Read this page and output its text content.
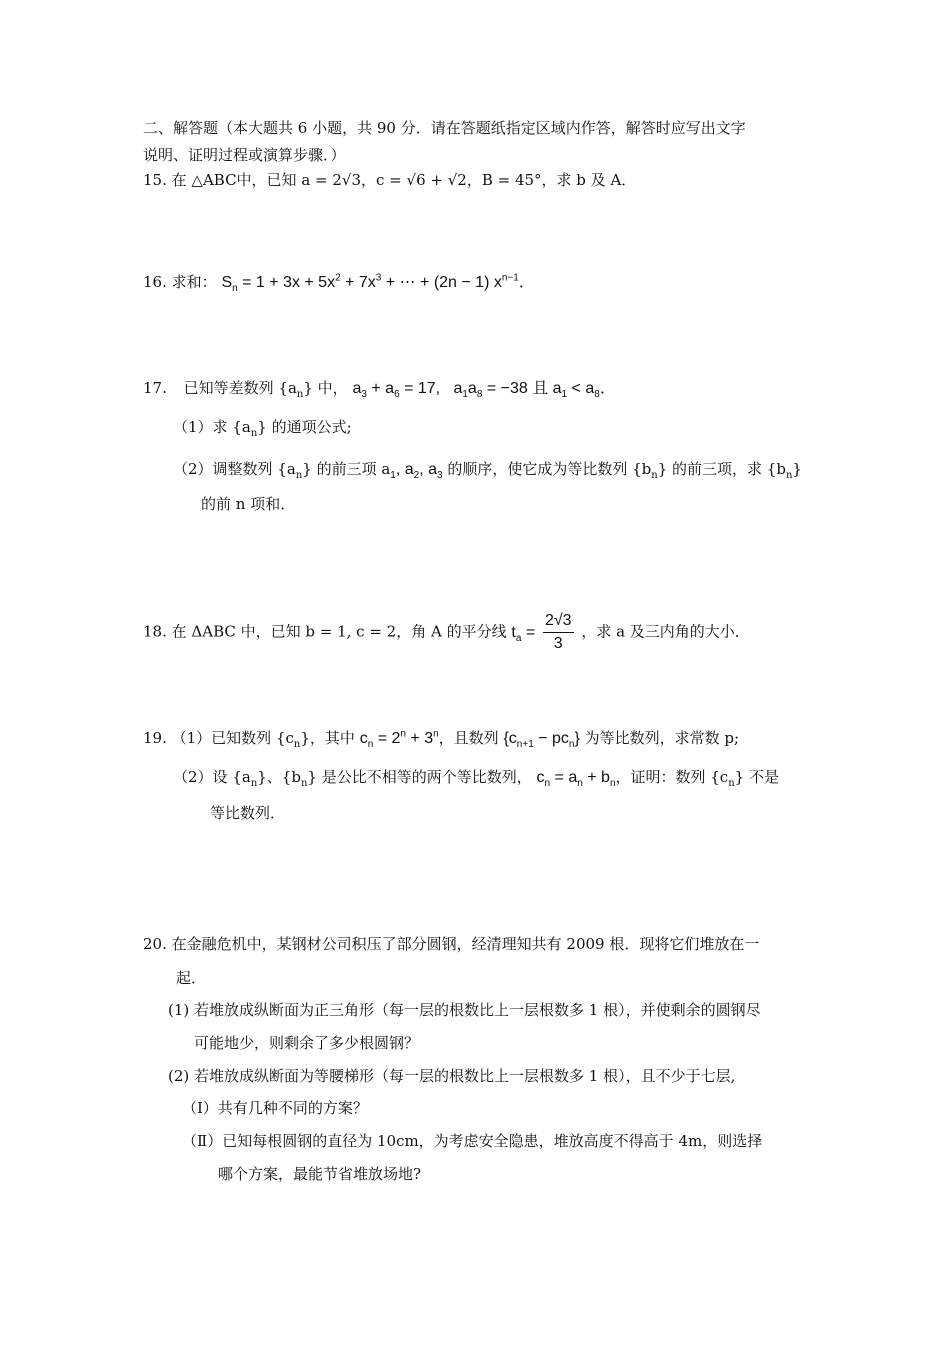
二、解答题（本大题共 6 小题，共 90 分．请在答题纸指定区域内作答，解答时应写出文字
说明、证明过程或演算步骤．）
15. 在 △ABC中，已知 a = 2√3，c = √6 + √2，B = 45°，求 b 及 A．
16. 求和： $S_n = 1 + 3x + 5x^2 + 7x^3$ + ⋯ + (2n − 1) $x^{n-1}$．
17. 已知等差数列 $\{a_n\}$ 中， $a_3 + a_6 = 17$,   $a_1a_8 = -38$ 且 $a_1 < a_8$．
（1）求 $\{a_n\}$ 的通项公式;
（2）调整数列 $\{a_n\}$ 的前三项 $a_1$, $a_2$, $a_3$ 的顺序，使它成为等比数列 $\{b_n\}$ 的前三项，求 $\{b_n\}$
的前 n 项和．
18. 在 ΔABC 中，已知 b = 1, c = 2，角 A 的平分线 $t_a = \frac{2√3}{3}$ ，求 a 及三内角的大小．
19. （1）已知数列 $\{c_n\}$，其中 $c_n = 2^n + 3^n$，且数列 $\{c_{n+1} - pc_n\}$ 为等比数列，求常数 p;
（2）设 $\{a_n\}$、$\{b_n\}$ 是公比不相等的两个等比数列， $c_n = a_n + b_n$，证明：数列 $\{c_n\}$ 不是
等比数列．
20. 在金融危机中，某钢材公司积压了部分圆钢，经清理知共有 2009 根．现将它们堆放在一
起．
(1) 若堆放成纵断面为正三角形（每一层的根数比上一层根数多 1 根），并使剩余的圆钢尽
可能地少，则剩余了多少根圆钢？
(2) 若堆放成纵断面为等腰梯形（每一层的根数比上一层根数多 1 根），且不少于七层,
（Ⅰ）共有几种不同的方案？
（Ⅱ）已知每根圆钢的直径为 10cm，为考虑安全隐患，堆放高度不得高于 4m，则选择
哪个方案，最能节省堆放场地?
